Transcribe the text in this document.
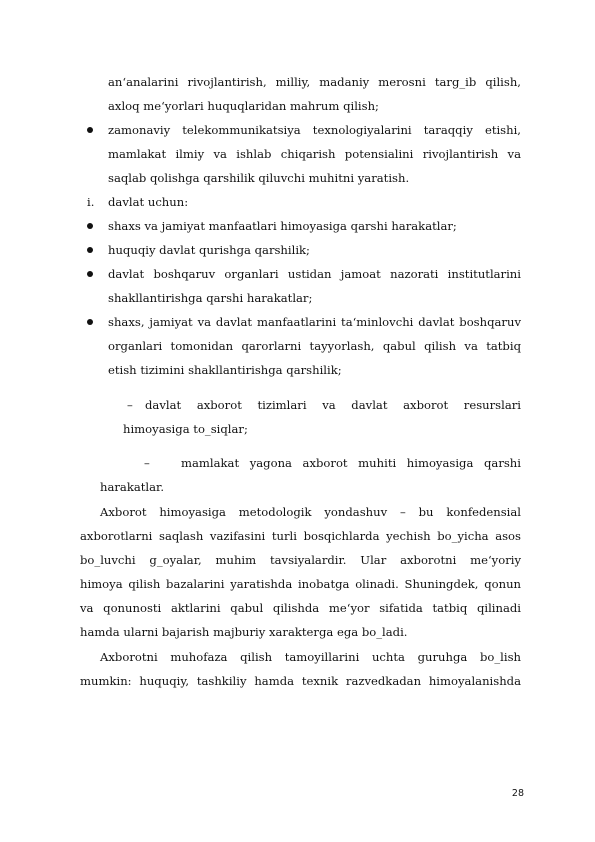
an‘analarini rivojlantirish, milliy, madaniy merosni targ_ib qilish,
axloq me‘yorlari huquqlaridan mahrum qilish;
zamonaviy telekommunikatsiya texnologiyalarini taraqqiy etishi,
mamlakat ilmiy va ishlab chiqarish potensialini rivojlantirish va
saqlab qolishga qarshilik qiluvchi muhitni yaratish.
i. davlat uchun:
shaxs va jamiyat manfaatlari himoyasiga qarshi harakatlar;
huquqiy davlat qurishga qarshilik;
davlat boshqaruv organlari ustidan jamoat nazorati institutlarini
shakllantirishga qarshi harakatlar;
shaxs, jamiyat va davlat manfaatlarini ta‘minlovchi davlat boshqaruv
organlari tomonidan qarorlarni tayyorlash, qabul qilish va tatbiq
etish tizimini shakllantirishga qarshilik;
– davlat axborot tizimlari va davlat axborot resurslari
himoyasiga to_siqlar;
–	mamlakat yagona axborot muhiti himoyasiga qarshi
harakatlar.
Axborot himoyasiga metodologik yondashuv – bu konfedensial
axborotlarni saqlash vazifasini turli bosqichlarda yechish bo_yicha asos
bo_luvchi g_oyalar, muhim tavsiyalardir. Ular axborotni me‘yoriy
himoya qilish bazalarini yaratishda inobatga olinadi. Shuningdek, qonun
va qonunosti aktlarini qabul qilishda me‘yor sifatida tatbiq qilinadi
hamda ularni bajarish majburiy xarakterga ega bo_ladi.
Axborotni muhofaza qilish tamoyillarini uchta guruhga bo_lish
mumkin: huquqiy, tashkiliy hamda texnik razvedkadan himoyalanishda
28
